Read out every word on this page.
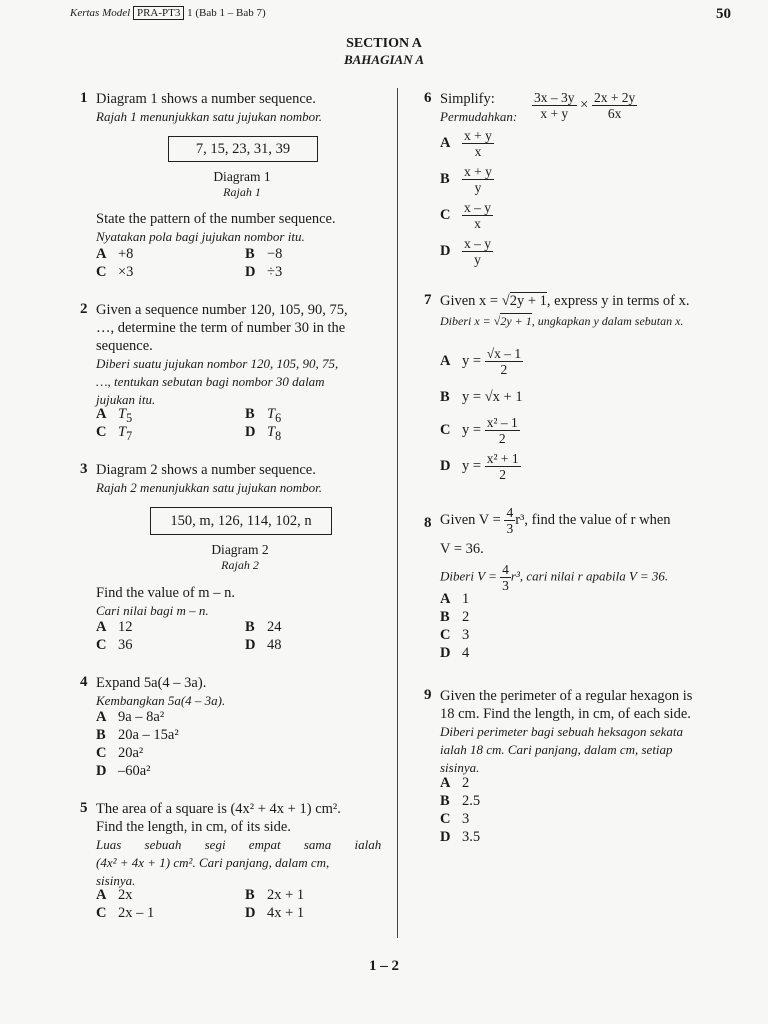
Kertas Model PRA-PT3 1 (Bab 1 – Bab 7)	50
SECTION A
BAHAGIAN A
1 Diagram 1 shows a number sequence.
Rajah 1 menunjukkan satu jujukan nombor.
7, 15, 23, 31, 39
Diagram 1
Rajah 1
State the pattern of the number sequence.
Nyatakan pola bagi jujukan nombor itu.
A +8	B −8
C ×3	D ÷3
2 Given a sequence number 120, 105, 90, 75,
…, determine the term of number 30 in the
sequence.
Diberi suatu jujukan nombor 120, 105, 90, 75,
…, tentukan sebutan bagi nombor 30 dalam
jujukan itu.
A $T_5$	B $T_6$
C $T_7$	D $T_8$
3 Diagram 2 shows a number sequence.
Rajah 2 menunjukkan satu jujukan nombor.
150, m, 126, 114, 102, n
Diagram 2
Rajah 2
Find the value of m – n.
Cari nilai bagi m – n.
A 12	B 24
C 36	D 48
4 Expand 5a(4 – 3a).
Kembangkan 5a(4 – 3a).
A 9a – 8a²
B 20a – 15a²
C 20a²
D –60a²
5 The area of a square is (4x² + 4x + 1) cm².
Find the length, in cm, of its side.
Luas sebuah segi empat sama ialah
(4x² + 4x + 1) cm². Cari panjang, dalam cm,
sisinya.
A 2x	B 2x + 1
C 2x – 1	D 4x + 1
6 Simplify:
Permudahkan: $\frac{3x - 3y}{x + y} \times \frac{2x + 2y}{6x}$
A $\frac{x + y}{x}$
B $\frac{x + y}{y}$
C $\frac{x - y}{x}$
D $\frac{x - y}{y}$
7 Given x = √2y + 1, express y in terms of x.
Diberi x = √2y + 1, ungkapkan y dalam sebutan x.
A $y = \frac{√x - 1}{2}$
B y = √x + 1
C $y = \frac{\text{x² – 1}}{2}$
D $y = \frac{\text{x² + 1}}{2}$
8 Given $V = \frac{4}{3} r^3$, find the value of r when
V = 36.
Diberi $V = \frac{4}{3} r^3$, cari nilai r apabila V = 36.
A 1
B 2
C 3
D 4
9 Given the perimeter of a regular hexagon is
18 cm. Find the length, in cm, of each side.
Diberi perimeter bagi sebuah heksagon sekata
ialah 18 cm. Cari panjang, dalam cm, setiap
sisinya.
A 2
B 2.5
C 3
D 3.5
1 – 2
